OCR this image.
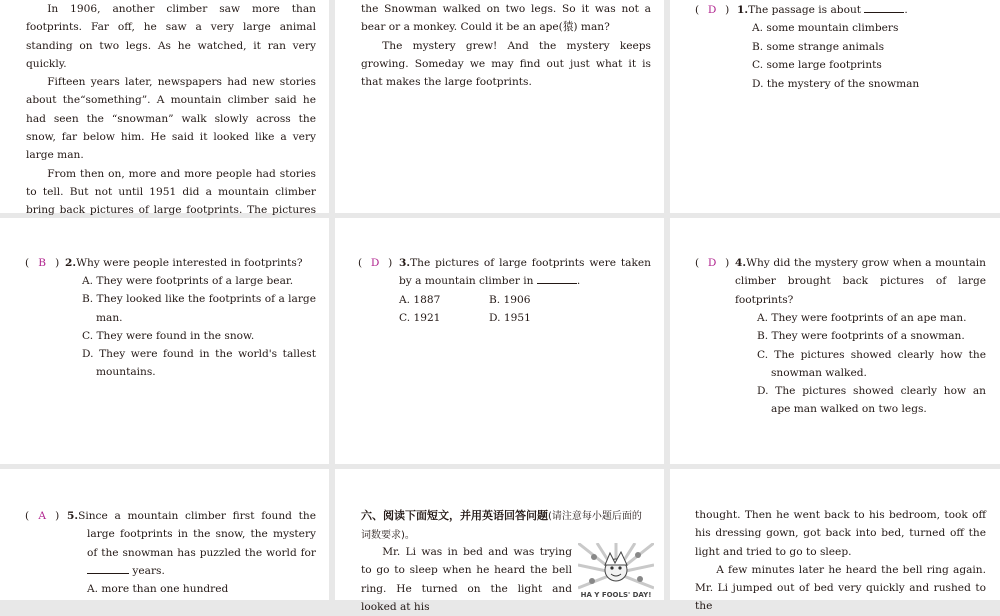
In 1906, another climber saw more than footprints. Far off, he saw a very large animal standing on two legs. As he watched, it ran very quickly.

Fifteen years later, newspapers had new stories about the“something”. A mountain climber said he had seen the “snowman” walk slowly across the snow, far below him. He said it looked like a very large man.

From then on, more and more people had stories to tell. But not until 1951 did a mountain climber bring back pictures of large footprints. The pictures

the Snowman walked on two legs. So it was not a bear or a monkey. Could it be an ape(猿) man?

The mystery grew! And the mystery keeps growing. Someday we may find out just what it is that makes the large footprints.

( D ) 1.The passage is about	.
A. some mountain climbers
B. some strange animals
C. some large footprints
D. the mystery of the snowman
( B ) 2.Why were people interested in footprints?
A. They were footprints of a large bear.
B. They looked like the footprints of a large man.
C. They were found in the snow.
D. They were found in the world's tallest mountains.
( D ) 3.The pictures of large footprints were taken by a mountain climber in	.
A. 1887	B. 1906
C. 1921	D. 1951
( D ) 4.Why did the mystery grow when a mountain climber brought back pictures of large footprints?
A. They were footprints of an ape man.
B. They were footprints of a snowman.
C. The pictures showed clearly how the snowman walked.
D. The pictures showed clearly how an ape man walked on two legs.
( A ) 5.Since a mountain climber first found the large footprints in the snow, the mystery of the snowman has puzzled the world for  years.
A. more than one hundred
六、阅读下面短文，并用英语回答问题(请注意每小题后面的词数要求)。

Mr. Li was in bed and was trying to go to sleep when he heard the bell ring. He turned on the light and looked at his

HA Y FOOLS' DAY!

thought. Then he went back to his bedroom, took off his dressing gown, got back into bed, turned off the light and tried to go to sleep.

A few minutes later he heard the bell ring again. Mr. Li jumped out of bed very quickly and rushed to the
